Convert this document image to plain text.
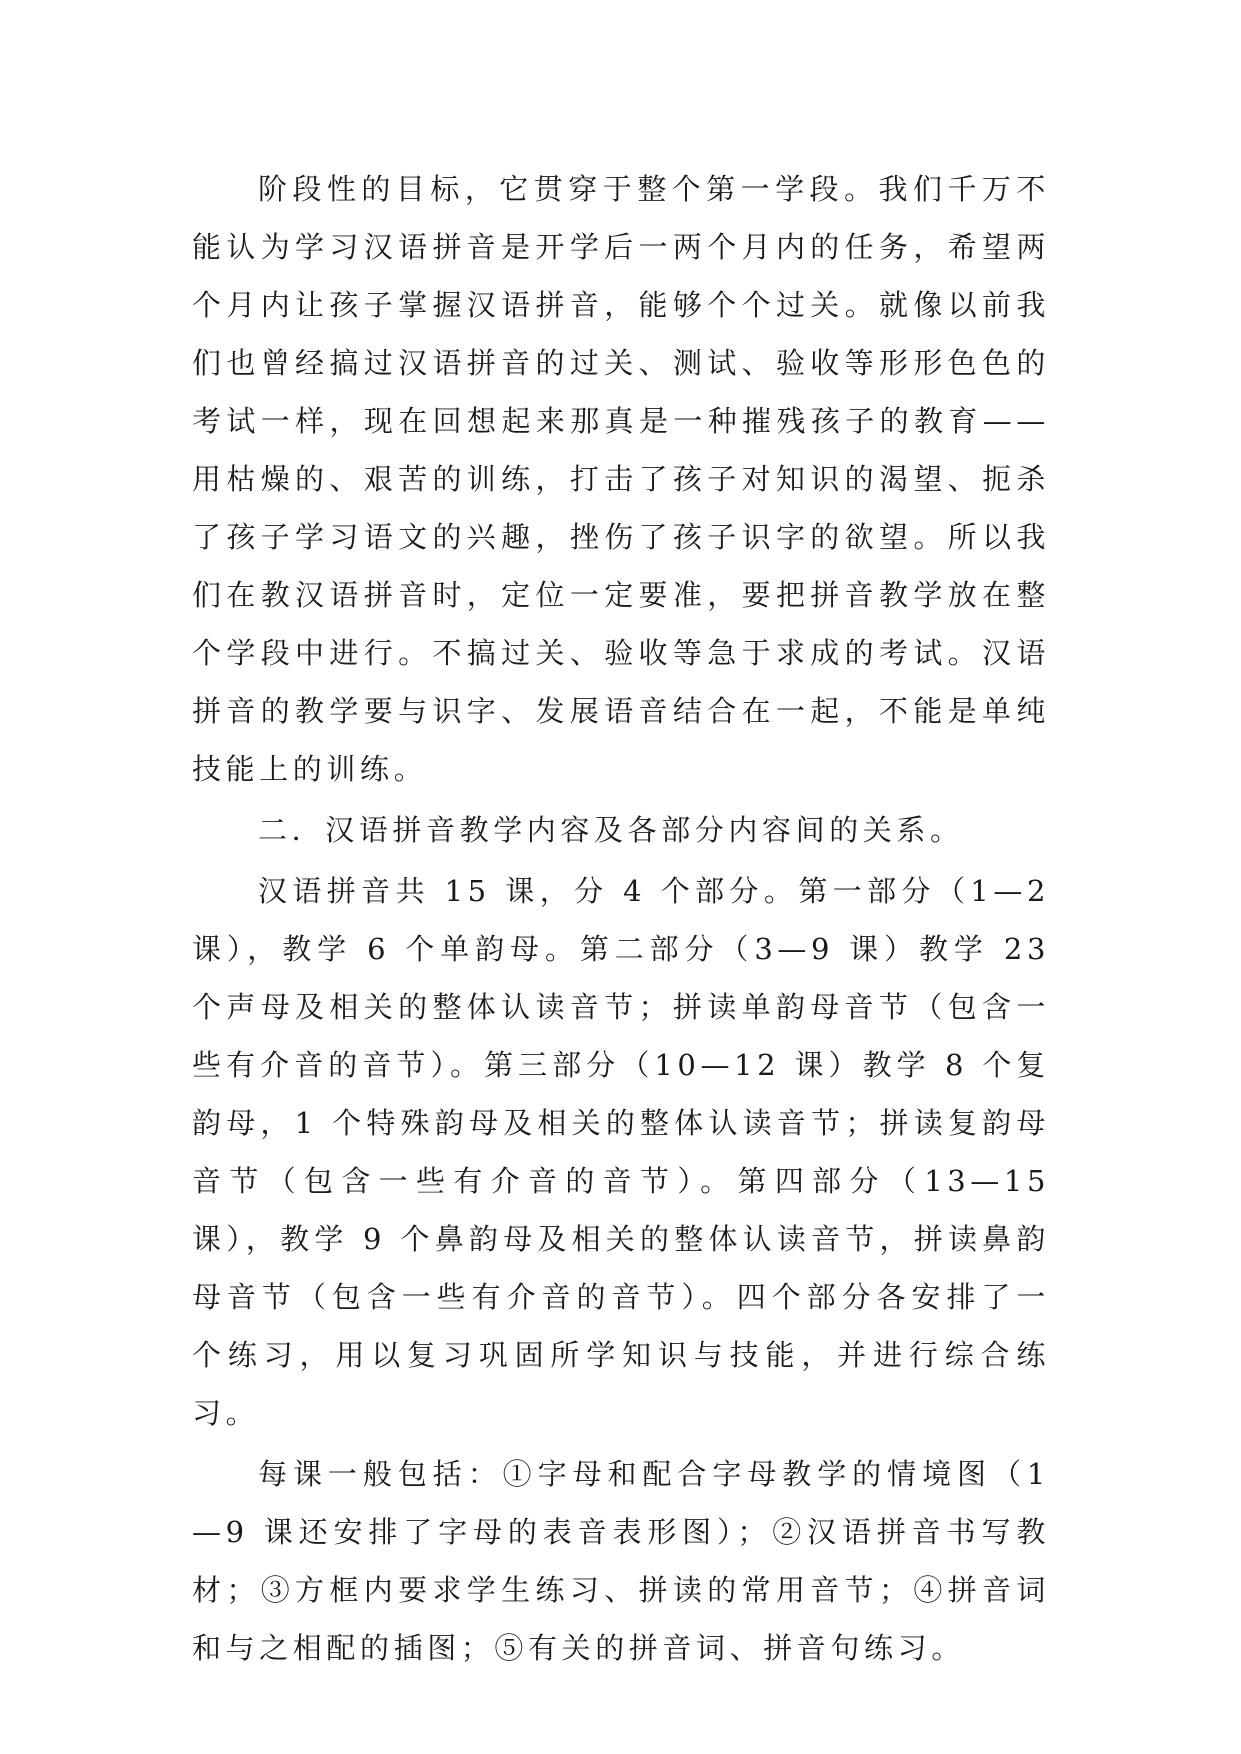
阶段性的目标，它贯穿于整个第一学段。我们千万不能认为学习汉语拼音是开学后一两个月内的任务，希望两个月内让孩子掌握汉语拼音，能够个个过关。就像以前我们也曾经搞过汉语拼音的过关、测试、验收等形形色色的考试一样，现在回想起来那真是一种摧残孩子的教育——用枯燥的、艰苦的训练，打击了孩子对知识的渴望、扼杀了孩子学习语文的兴趣，挫伤了孩子识字的欲望。所以我们在教汉语拼音时，定位一定要准，要把拼音教学放在整个学段中进行。不搞过关、验收等急于求成的考试。汉语拼音的教学要与识字、发展语音结合在一起，不能是单纯技能上的训练。

二．汉语拼音教学内容及各部分内容间的关系。

汉语拼音共 15 课，分 4 个部分。第一部分（1—2 课），教学 6 个单韵母。第二部分（3—9 课）教学 23 个声母及相关的整体认读音节；拼读单韵母音节（包含一些有介音的音节）。第三部分（10—12 课）教学 8 个复韵母，1 个特殊韵母及相关的整体认读音节；拼读复韵母音节（包含一些有介音的音节）。第四部分（13—15 课），教学 9 个鼻韵母及相关的整体认读音节，拼读鼻韵母音节（包含一些有介音的音节）。四个部分各安排了一个练习，用以复习巩固所学知识与技能，并进行综合练习。

每课一般包括：①字母和配合字母教学的情境图（1—9 课还安排了字母的表音表形图）；②汉语拼音书写教材；③方框内要求学生练习、拼读的常用音节；④拼音词和与之相配的插图；⑤有关的拼音词、拼音句练习。
